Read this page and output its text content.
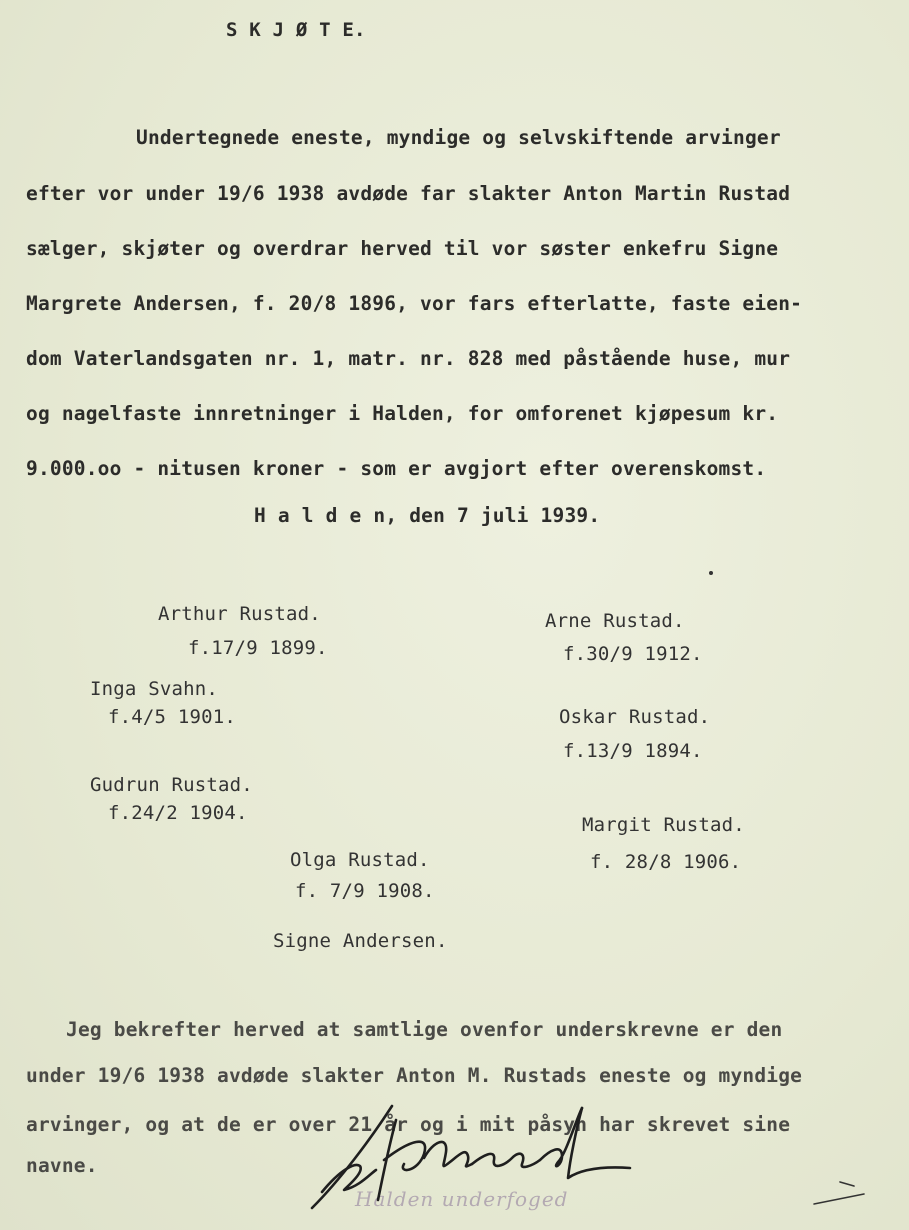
S K J Ø T E.
Undertegnede eneste, myndige og selvskiftende arvinger
efter vor under 19/6 1938 avdøde far slakter Anton Martin Rustad
sælger, skjøter og overdrar herved til vor søster enkefru Signe
Margrete Andersen, f. 20/8 1896, vor fars efterlatte, faste eien-
dom Vaterlandsgaten nr. 1, matr. nr. 828 med påstående huse, mur
og nagelfaste innretninger i Halden, for omforenet kjøpesum kr.
9.000.oo - nitusen kroner - som er avgjort efter overenskomst.
H a l d e n, den 7 juli 1939.
Arthur Rustad.
f.17/9 1899.
Arne Rustad.
f.30/9 1912.
Inga Svahn.
f.4/5 1901.	Oskar Rustad.
f.13/9 1894.
Gudrun Rustad.
f.24/2 1904.
Margit Rustad.
f. 28/8 1906.
Olga Rustad.
f. 7/9 1908.
Signe Andersen.
Jeg bekrefter herved at samtlige ovenfor underskrevne er den
under 19/6 1938 avdøde slakter Anton M. Rustads eneste og myndige
arvinger, og at de er over 21 år og i mit påsyn har skrevet sine
navne.
Halden underfoged
